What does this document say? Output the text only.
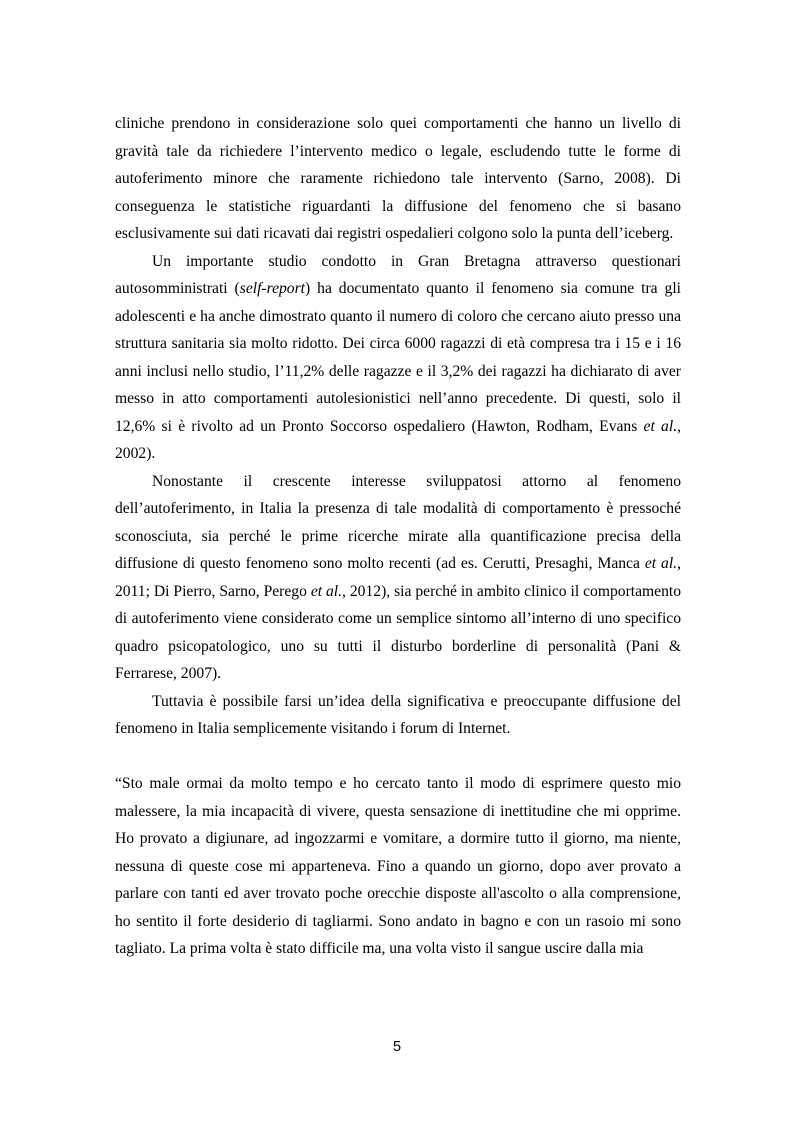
cliniche prendono in considerazione solo quei comportamenti che hanno un livello di gravità tale da richiedere l’intervento medico o legale, escludendo tutte le forme di autoferimento minore che raramente richiedono tale intervento (Sarno, 2008). Di conseguenza le statistiche riguardanti la diffusione del fenomeno che si basano esclusivamente sui dati ricavati dai registri ospedalieri colgono solo la punta dell’iceberg.

Un importante studio condotto in Gran Bretagna attraverso questionari autosomministrati (self-report) ha documentato quanto il fenomeno sia comune tra gli adolescenti e ha anche dimostrato quanto il numero di coloro che cercano aiuto presso una struttura sanitaria sia molto ridotto. Dei circa 6000 ragazzi di età compresa tra i 15 e i 16 anni inclusi nello studio, l’11,2% delle ragazze e il 3,2% dei ragazzi ha dichiarato di aver messo in atto comportamenti autolesionistici nell’anno precedente. Di questi, solo il 12,6% si è rivolto ad un Pronto Soccorso ospedaliero (Hawton, Rodham, Evans et al., 2002).

Nonostante il crescente interesse sviluppatosi attorno al fenomeno dell’autoferimento, in Italia la presenza di tale modalità di comportamento è pressoché sconosciuta, sia perché le prime ricerche mirate alla quantificazione precisa della diffusione di questo fenomeno sono molto recenti (ad es. Cerutti, Presaghi, Manca et al., 2011; Di Pierro, Sarno, Perego et al., 2012), sia perché in ambito clinico il comportamento di autoferimento viene considerato come un semplice sintomo all’interno di uno specifico quadro psicopatologico, uno su tutti il disturbo borderline di personalità (Pani & Ferrarese, 2007).

Tuttavia è possibile farsi un’idea della significativa e preoccupante diffusione del fenomeno in Italia semplicemente visitando i forum di Internet.

“Sto male ormai da molto tempo e ho cercato tanto il modo di esprimere questo mio malessere, la mia incapacità di vivere, questa sensazione di inettitudine che mi opprime. Ho provato a digiunare, ad ingozzarmi e vomitare, a dormire tutto il giorno, ma niente, nessuna di queste cose mi apparteneva. Fino a quando un giorno, dopo aver provato a parlare con tanti ed aver trovato poche orecchie disposte all'ascolto o alla comprensione, ho sentito il forte desiderio di tagliarmi. Sono andato in bagno e con un rasoio mi sono tagliato. La prima volta è stato difficile ma, una volta visto il sangue uscire dalla mia

5
